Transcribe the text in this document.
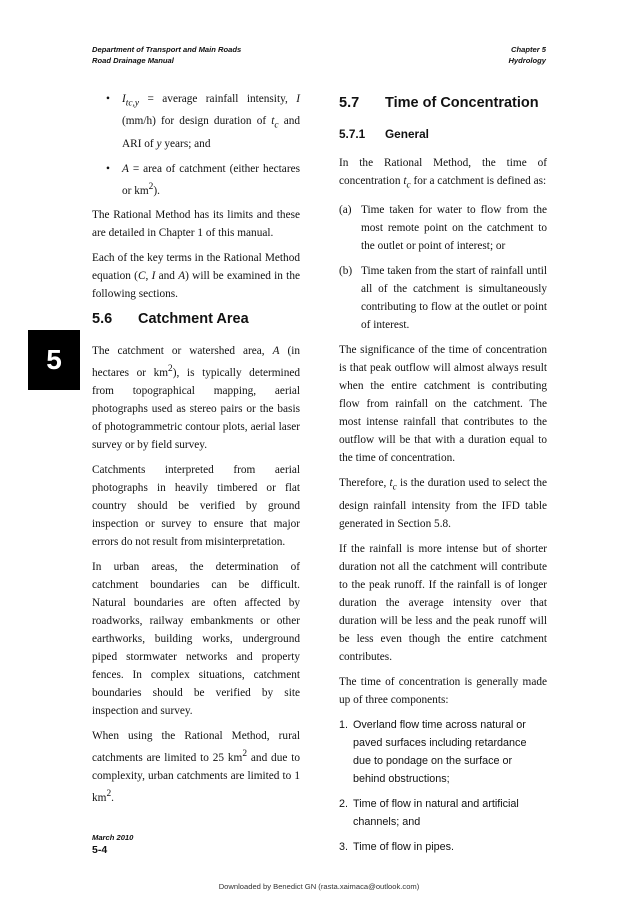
Department of Transport and Main Roads
Road Drainage Manual
Chapter 5
Hydrology
5
• $I_{tc,y}$ = average rainfall intensity, I (mm/h) for design duration of $t_c$ and ARI of y years; and
• A = area of catchment (either hectares or $km^2$).

The Rational Method has its limits and these are detailed in Chapter 1 of this manual.

Each of the key terms in the Rational Method equation (C, I and A) will be examined in the following sections.

5.6	Catchment Area

The catchment or watershed area, A (in hectares or $km^2$), is typically determined from topographical mapping, aerial photographs used as stereo pairs or the basis of photogrammetric contour plots, aerial laser survey or by field survey.

Catchments interpreted from aerial photographs in heavily timbered or flat country should be verified by ground inspection or survey to ensure that major errors do not result from misinterpretation.

In urban areas, the determination of catchment boundaries can be difficult. Natural boundaries are often affected by roadworks, railway embankments or other earthworks, building works, underground piped stormwater networks and property fences. In complex situations, catchment boundaries should be verified by site inspection and survey.

When using the Rational Method, rural catchments are limited to 25 $km^2$ and due to complexity, urban catchments are limited to 1 $km^2$.

5.7	Time of Concentration
5.7.1	General

In the Rational Method, the time of concentration $t_c$ for a catchment is defined as:

(a) Time taken for water to flow from the most remote point on the catchment to the outlet or point of interest; or
(b) Time taken from the start of rainfall until all of the catchment is simultaneously contributing to flow at the outlet or point of interest.

The significance of the time of concentration is that peak outflow will almost always result when the entire catchment is contributing flow from rainfall on the catchment. The most intense rainfall that contributes to the outflow will be that with a duration equal to the time of concentration.

Therefore, $t_c$ is the duration used to select the design rainfall intensity from the IFD table generated in Section 5.8.

If the rainfall is more intense but of shorter duration not all the catchment will contribute to the peak runoff. If the rainfall is of longer duration the average intensity over that duration will be less and the peak runoff will be less even though the entire catchment contributes.

The time of concentration is generally made up of three components:

1. Overland flow time across natural or paved surfaces including retardance due to pondage on the surface or behind obstructions;
2. Time of flow in natural and artificial channels; and
3. Time of flow in pipes.
March 2010
5-4
Downloaded by Benedict GN (rasta.xaimaca@outlook.com)
